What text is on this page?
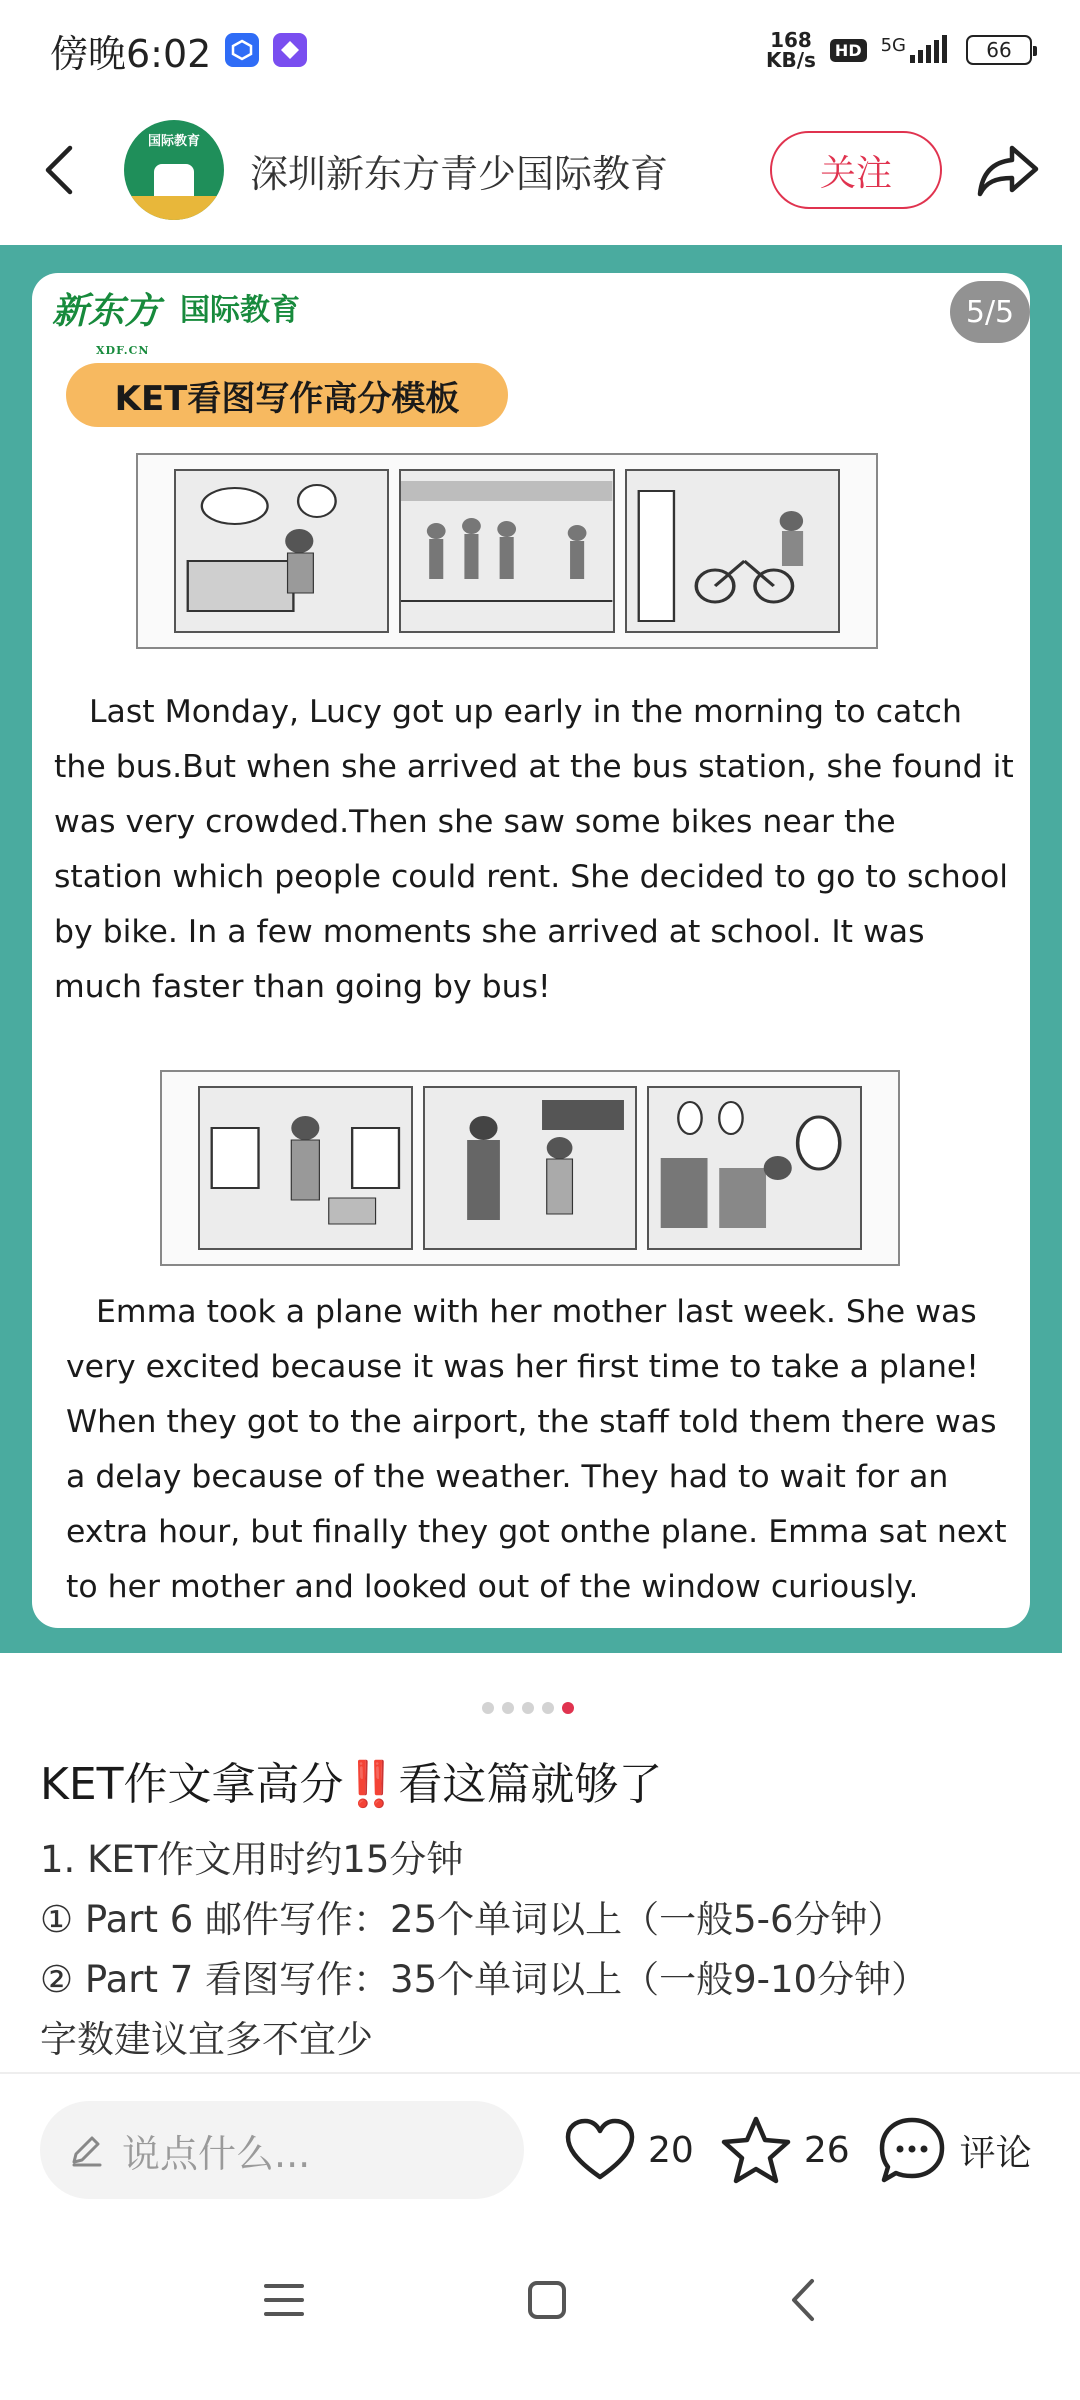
傍晚6:02	168
KB/s	HD 5G	66
国际教育
深圳新东方青少国际教育	关注
新东方
XDF.CN
国际教育	5/5
KET看图写作高分模板
Last Monday, Lucy got up early in the morning to catch the bus.But when she arrived at the bus station, she found it was very crowded.Then she saw some bikes near the station which people could rent. She decided to go to school by bike. In a few moments she arrived at school. It was much faster than going by bus!
Emma took a plane with her mother last week. She was very excited because it was her first time to take a plane! When they got to the airport, the staff told them there was a delay because of the weather. They had to wait for an extra hour, but finally they got onthe plane. Emma sat next to her mother and looked out of the window curiously.
KET作文拿高分‼️看这篇就够了
1. KET作文用时约15分钟
① Part 6 邮件写作：25个单词以上（一般5-6分钟）
② Part 7 看图写作：35个单词以上（一般9-10分钟）
字数建议宜多不宜少
说点什么...	20	26	评论
